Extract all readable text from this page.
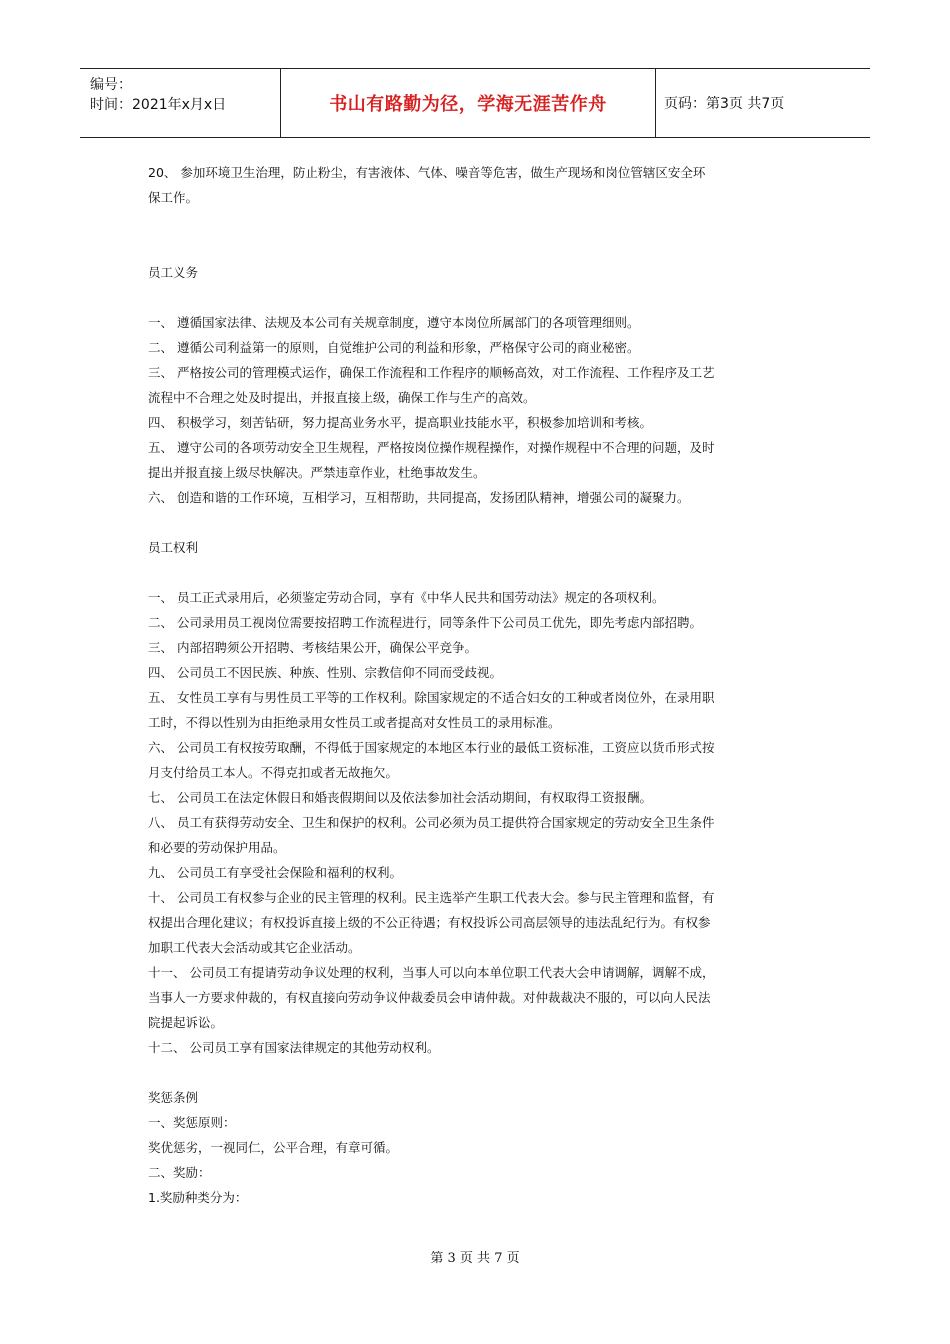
编号：
时间：2021年x月x日	书山有路勤为径，学海无涯苦作舟	页码：第3页 共7页
20、 参加环境卫生治理，防止粉尘，有害液体、气体、噪音等危害，做生产现场和岗位管辖区安全环
保工作。
员工义务
一、 遵循国家法律、法规及本公司有关规章制度，遵守本岗位所属部门的各项管理细则。
二、 遵循公司利益第一的原则，自觉维护公司的利益和形象，严格保守公司的商业秘密。
三、 严格按公司的管理模式运作，确保工作流程和工作程序的顺畅高效，对工作流程、工作程序及工艺
流程中不合理之处及时提出，并报直接上级，确保工作与生产的高效。
四、 积极学习，刻苦钻研，努力提高业务水平，提高职业技能水平，积极参加培训和考核。
五、 遵守公司的各项劳动安全卫生规程，严格按岗位操作规程操作，对操作规程中不合理的问题，及时
提出并报直接上级尽快解决。严禁违章作业，杜绝事故发生。
六、 创造和谐的工作环境，互相学习，互相帮助，共同提高，发扬团队精神，增强公司的凝聚力。
员工权利
一、 员工正式录用后，必须鉴定劳动合同，享有《中华人民共和国劳动法》规定的各项权利。
二、 公司录用员工视岗位需要按招聘工作流程进行，同等条件下公司员工优先，即先考虑内部招聘。
三、 内部招聘须公开招聘、考核结果公开，确保公平竞争。
四、 公司员工不因民族、种族、性别、宗教信仰不同而受歧视。
五、 女性员工享有与男性员工平等的工作权利。除国家规定的不适合妇女的工种或者岗位外，在录用职
工时，不得以性别为由拒绝录用女性员工或者提高对女性员工的录用标准。
六、 公司员工有权按劳取酬，不得低于国家规定的本地区本行业的最低工资标准，工资应以货币形式按
月支付给员工本人。不得克扣或者无故拖欠。
七、 公司员工在法定休假日和婚丧假期间以及依法参加社会活动期间，有权取得工资报酬。
八、 员工有获得劳动安全、卫生和保护的权利。公司必须为员工提供符合国家规定的劳动安全卫生条件
和必要的劳动保护用品。
九、 公司员工有享受社会保险和福利的权利。
十、 公司员工有权参与企业的民主管理的权利。民主选举产生职工代表大会。参与民主管理和监督，有
权提出合理化建议；有权投诉直接上级的不公正待遇；有权投诉公司高层领导的违法乱纪行为。有权参
加职工代表大会活动或其它企业活动。
十一、 公司员工有提请劳动争议处理的权利，当事人可以向本单位职工代表大会申请调解，调解不成，
当事人一方要求仲裁的，有权直接向劳动争议仲裁委员会申请仲裁。对仲裁裁决不服的，可以向人民法
院提起诉讼。
十二、 公司员工享有国家法律规定的其他劳动权利。
奖惩条例
一、奖惩原则：
奖优惩劣，一视同仁，公平合理，有章可循。
二、奖励：
1.奖励种类分为：
第 3 页 共 7 页
